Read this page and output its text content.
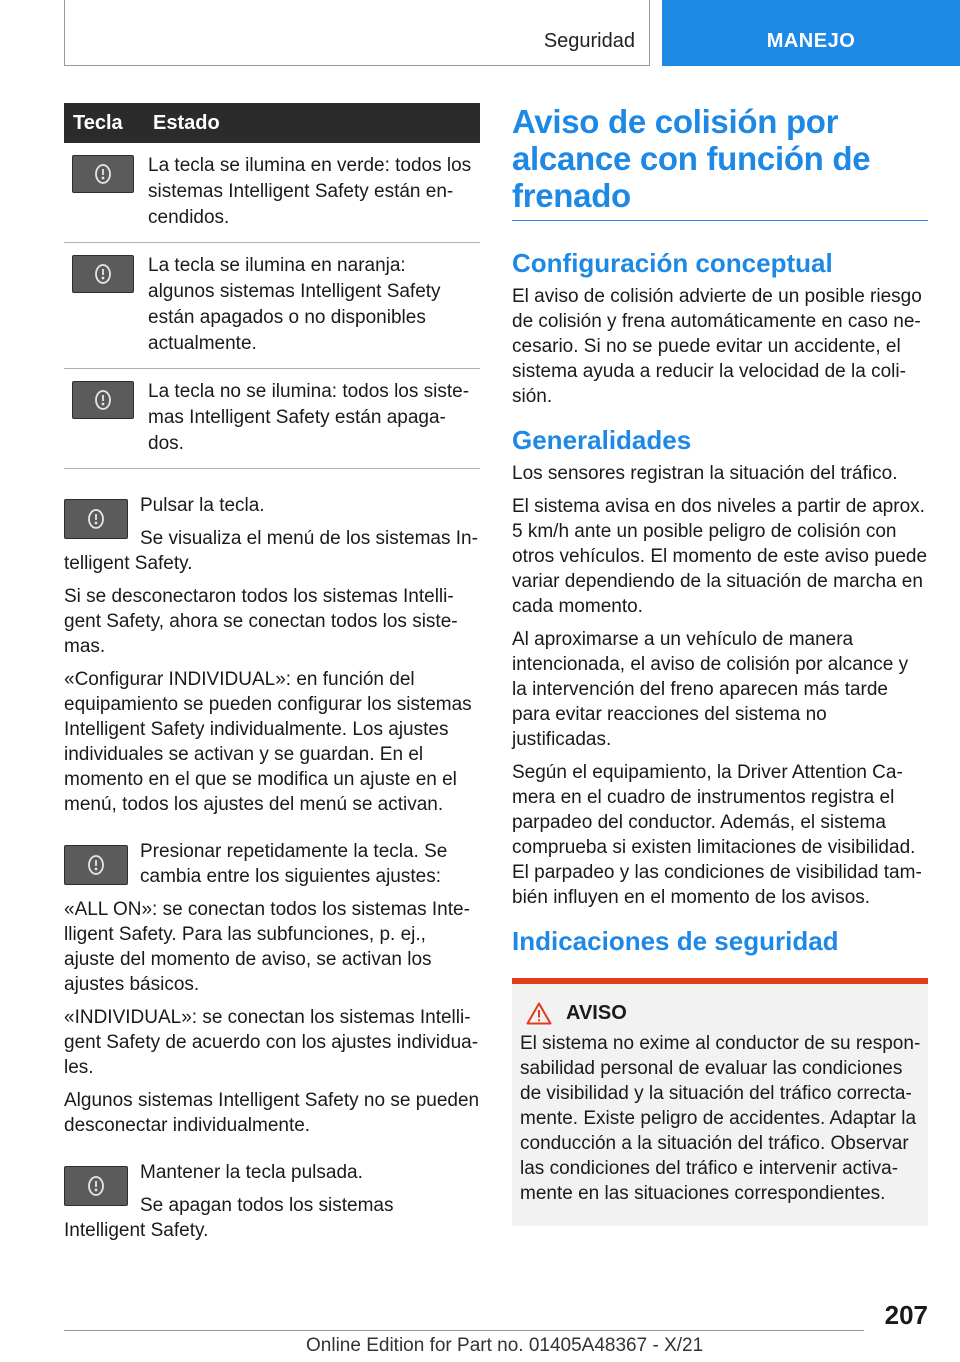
Seguridad	MANEJO
Tecla	Estado

	La tecla se ilumina en verde: todos los sistemas Intelligent Safety están encendidos.

	La tecla se ilumina en naranja: algunos sistemas Intelligent Safety están apagados o no disponibles actualmente.

	La tecla no se ilumina: todos los sistemas Intelligent Safety están apagados.

Pulsar la tecla.

Se visualiza el menú de los sistemas Intelligent Safety.

Si se desconectaron todos los sistemas Intelligent Safety, ahora se conectan todos los sistemas.

«Configurar INDIVIDUAL»: en función del equipamiento se pueden configurar los sistemas Intelligent Safety individualmente. Los ajustes individuales se activan y se guardan. En el momento en el que se modifica un ajuste en el menú, todos los ajustes del menú se activan.

Presionar repetidamente la tecla. Se cambia entre los siguientes ajustes:

«ALL ON»: se conectan todos los sistemas Intelligent Safety. Para las subfunciones, p. ej., ajuste del momento de aviso, se activan los ajustes básicos.

«INDIVIDUAL»: se conectan los sistemas Intelligent Safety de acuerdo con los ajustes individuales.

Algunos sistemas Intelligent Safety no se pueden desconectar individualmente.

Mantener la tecla pulsada.

Se apagan todos los sistemas Intelligent Safety.

Aviso de colisión por alcance con función de frenado
Configuración conceptual

El aviso de colisión advierte de un posible riesgo de colisión y frena automáticamente en caso necesario. Si no se puede evitar un accidente, el sistema ayuda a reducir la velocidad de la colisión.

Generalidades

Los sensores registran la situación del tráfico.

El sistema avisa en dos niveles a partir de aprox. 5 km/h ante un posible peligro de colisión con otros vehículos. El momento de este aviso puede variar dependiendo de la situación de marcha en cada momento.

Al aproximarse a un vehículo de manera intencionada, el aviso de colisión por alcance y la intervención del freno aparecen más tarde para evitar reacciones del sistema no justificadas.

Según el equipamiento, la Driver Attention Camera en el cuadro de instrumentos registra el parpadeo del conductor. Además, el sistema comprueba si existen limitaciones de visibilidad. El parpadeo y las condiciones de visibilidad también influyen en el momento de los avisos.

Indicaciones de seguridad
AVISO

El sistema no exime al conductor de su responsabilidad personal de evaluar las condiciones de visibilidad y la situación del tráfico correctamente. Existe peligro de accidentes. Adaptar la conducción a la situación del tráfico. Observar las condiciones del tráfico e intervenir activamente en las situaciones correspondientes.

207
Online Edition for Part no. 01405A48367 - X/21
